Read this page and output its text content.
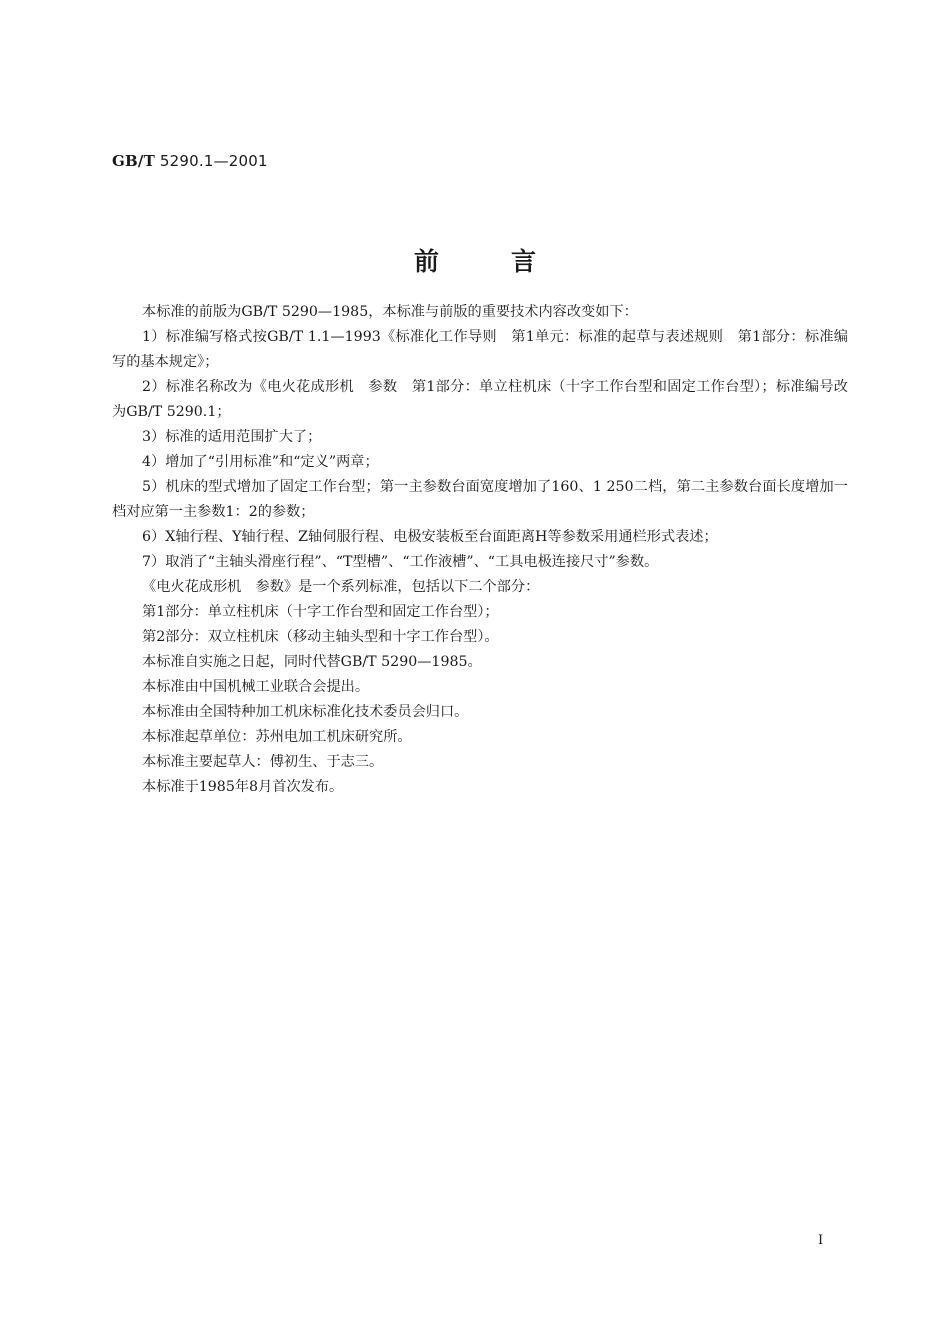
GB/T 5290.1—2001
前	言

本标准的前版为GB/T 5290—1985，本标准与前版的重要技术内容改变如下：

1）标准编写格式按GB/T 1.1—1993《标准化工作导则　第1单元：标准的起草与表述规则　第1部分：标准编写的基本规定》；

2）标准名称改为《电火花成形机　参数　第1部分：单立柱机床（十字工作台型和固定工作台型）；标准编号改为GB/T 5290.1；

3）标准的适用范围扩大了；

4）增加了“引用标准”和“定义”两章；

5）机床的型式增加了固定工作台型；第一主参数台面宽度增加了160、1 250二档，第二主参数台面长度增加一档对应第一主参数1：2的参数；

6）X轴行程、Y轴行程、Z轴伺服行程、电极安装板至台面距离H等参数采用通栏形式表述；

7）取消了“主轴头滑座行程”、“T型槽”、“工作液槽”、“工具电极连接尺寸”参数。

《电火花成形机　参数》是一个系列标准，包括以下二个部分：

第1部分：单立柱机床（十字工作台型和固定工作台型）；

第2部分：双立柱机床（移动主轴头型和十字工作台型）。

本标准自实施之日起，同时代替GB/T 5290—1985。

本标准由中国机械工业联合会提出。

本标准由全国特种加工机床标准化技术委员会归口。

本标准起草单位：苏州电加工机床研究所。

本标准主要起草人：傅初生、于志三。

本标准于1985年8月首次发布。

I
